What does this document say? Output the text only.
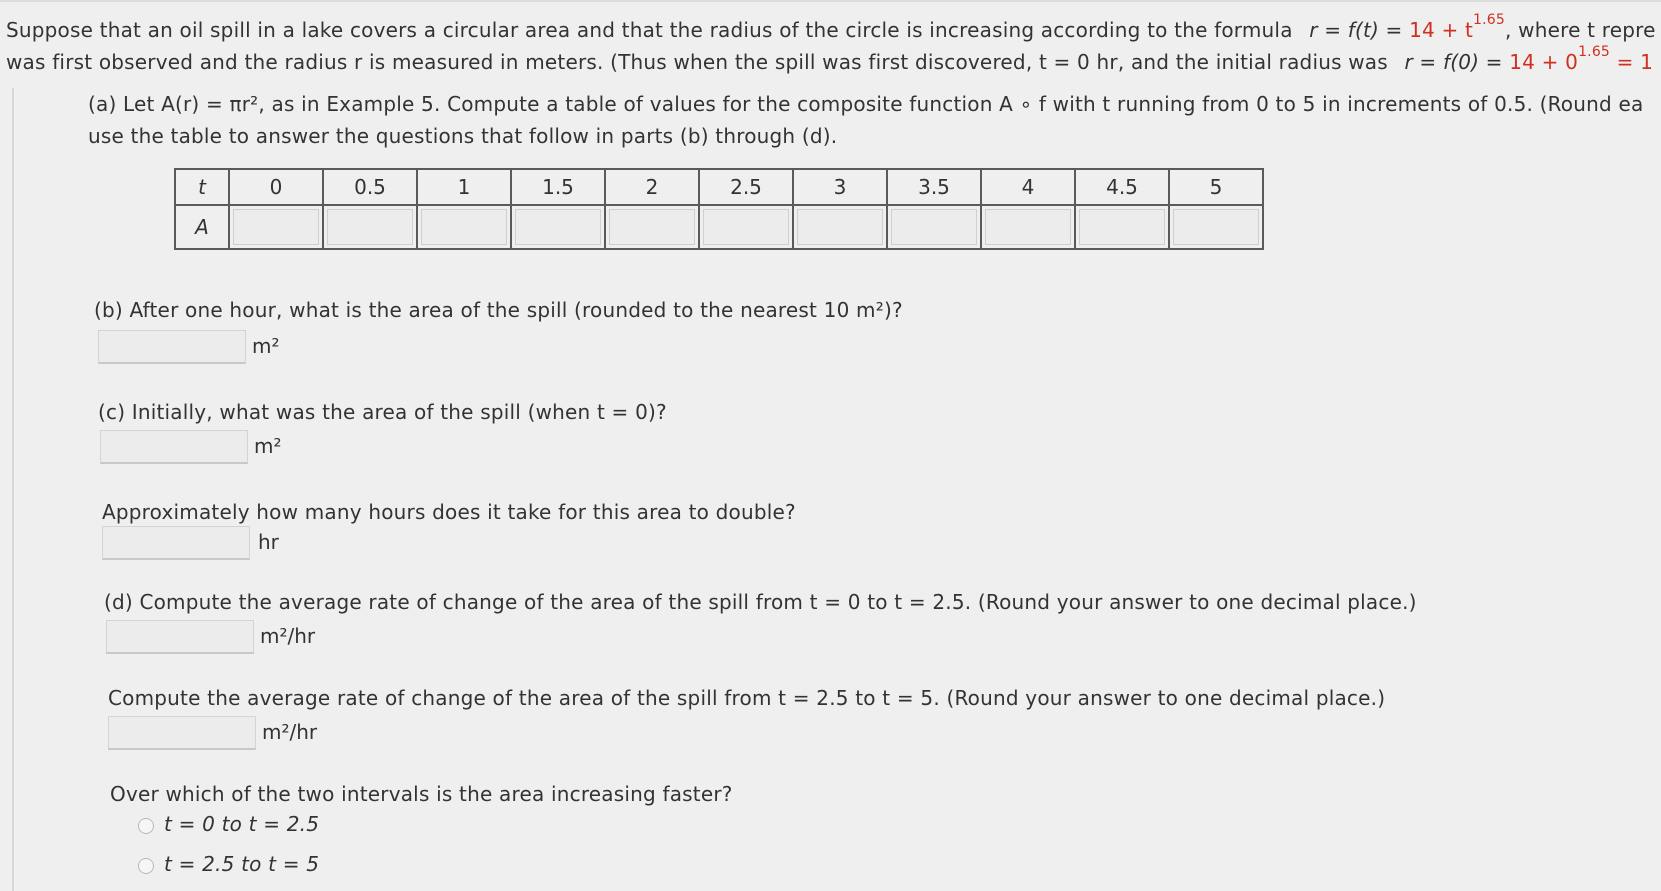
Suppose that an oil spill in a lake covers a circular area and that the radius of the circle is increasing according to the formula $r = f(t) = 14 + t^{1.65}$, where t repre
was first observed and the radius r is measured in meters. (Thus when the spill was first discovered, t = 0 hr, and the initial radius was $r = f(0) = 14 + 0^{1.65} = 1$
(a) Let A(r) = πr², as in Example 5. Compute a table of values for the composite function A ∘ f with t running from 0 to 5 in increments of 0.5. (Round ea
use the table to answer the questions that follow in parts (b) through (d).
t	0	0.5	1	1.5	2	2.5	3	3.5	4	4.5	5
A	

(b) After one hour, what is the area of the spill (rounded to the nearest 10 m²)?
m²
(c) Initially, what was the area of the spill (when t = 0)?
m²
Approximately how many hours does it take for this area to double?
hr
(d) Compute the average rate of change of the area of the spill from t = 0 to t = 2.5. (Round your answer to one decimal place.)
m²/hr
Compute the average rate of change of the area of the spill from t = 2.5 to t = 5. (Round your answer to one decimal place.)
m²/hr
Over which of the two intervals is the area increasing faster?
t = 0 to t = 2.5
t = 2.5 to t = 5
